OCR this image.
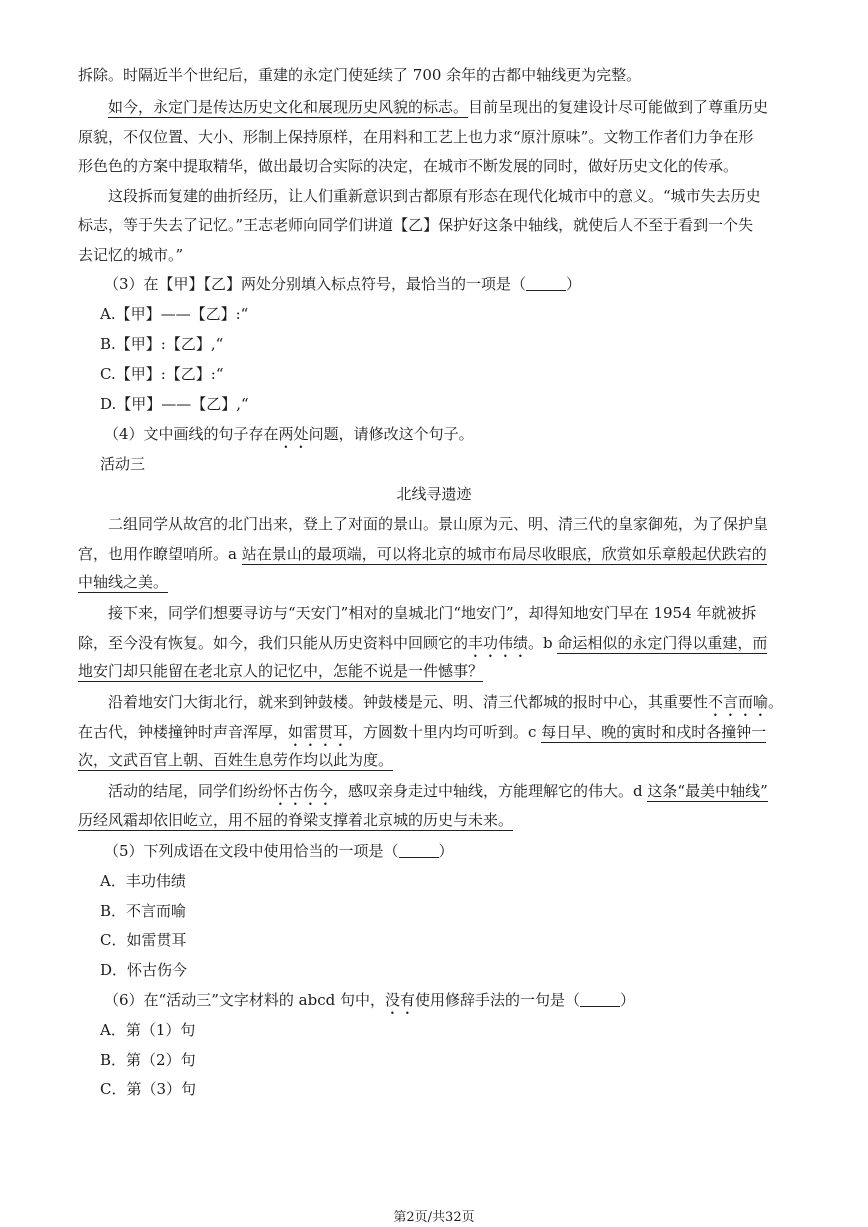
拆除。时隔近半个世纪后，重建的永定门使延续了 700 余年的古都中轴线更为完整。
如今，永定门是传达历史文化和展现历史风貌的标志。目前呈现出的复建设计尽可能做到了尊重历史
原貌，不仅位置、大小、形制上保持原样，在用料和工艺上也力求“原汁原味”。文物工作者们力争在形
形色色的方案中提取精华，做出最切合实际的决定，在城市不断发展的同时，做好历史文化的传承。
这段拆而复建的曲折经历，让人们重新意识到古都原有形态在现代化城市中的意义。“城市失去历史
标志，等于失去了记忆。”王志老师向同学们讲道【乙】保护好这条中轴线，就使后人不至于看到一个失
去记忆的城市。”
（3）在【甲】【乙】两处分别填入标点符号，最恰当的一项是（	）
A.【甲】——【乙】:“
B.【甲】:【乙】,“
C.【甲】:【乙】:“
D.【甲】——【乙】,“
（4）文中画线的句子存在两处问题，请修改这个句子。
活动三
北线寻遗迹
二组同学从故宫的北门出来，登上了对面的景山。景山原为元、明、清三代的皇家御苑，为了保护皇
宫，也用作瞭望哨所。a 站在景山的最项端，可以将北京的城市布局尽收眼底，欣赏如乐章般起伏跌宕的
中轴线之美。
接下来，同学们想要寻访与“天安门”相对的皇城北门“地安门”，却得知地安门早在 1954 年就被拆
除，至今没有恢复。如今，我们只能从历史资料中回顾它的丰功伟绩。b 命运相似的永定门得以重建，而
地安门却只能留在老北京人的记忆中，怎能不说是一件憾事？
沿着地安门大街北行，就来到钟鼓楼。钟鼓楼是元、明、清三代都城的报时中心，其重要性不言而喻。
在古代，钟楼撞钟时声音浑厚，如雷贯耳，方圆数十里内均可听到。c 每日早、晚的寅时和戌时各撞钟一
次，文武百官上朝、百姓生息劳作均以此为度。
活动的结尾，同学们纷纷怀古伤今，感叹亲身走过中轴线，方能理解它的伟大。d 这条“最美中轴线”
历经风霜却依旧屹立，用不屈的脊梁支撑着北京城的历史与未来。
（5）下列成语在文段中使用恰当的一项是（	）
A．丰功伟绩
B．不言而喻
C．如雷贯耳
D．怀古伤今
（6）在“活动三”文字材料的 abcd 句中，没有使用修辞手法的一句是（	）
A．第（1）句
B．第（2）句
C．第（3）句
第2页/共32页
